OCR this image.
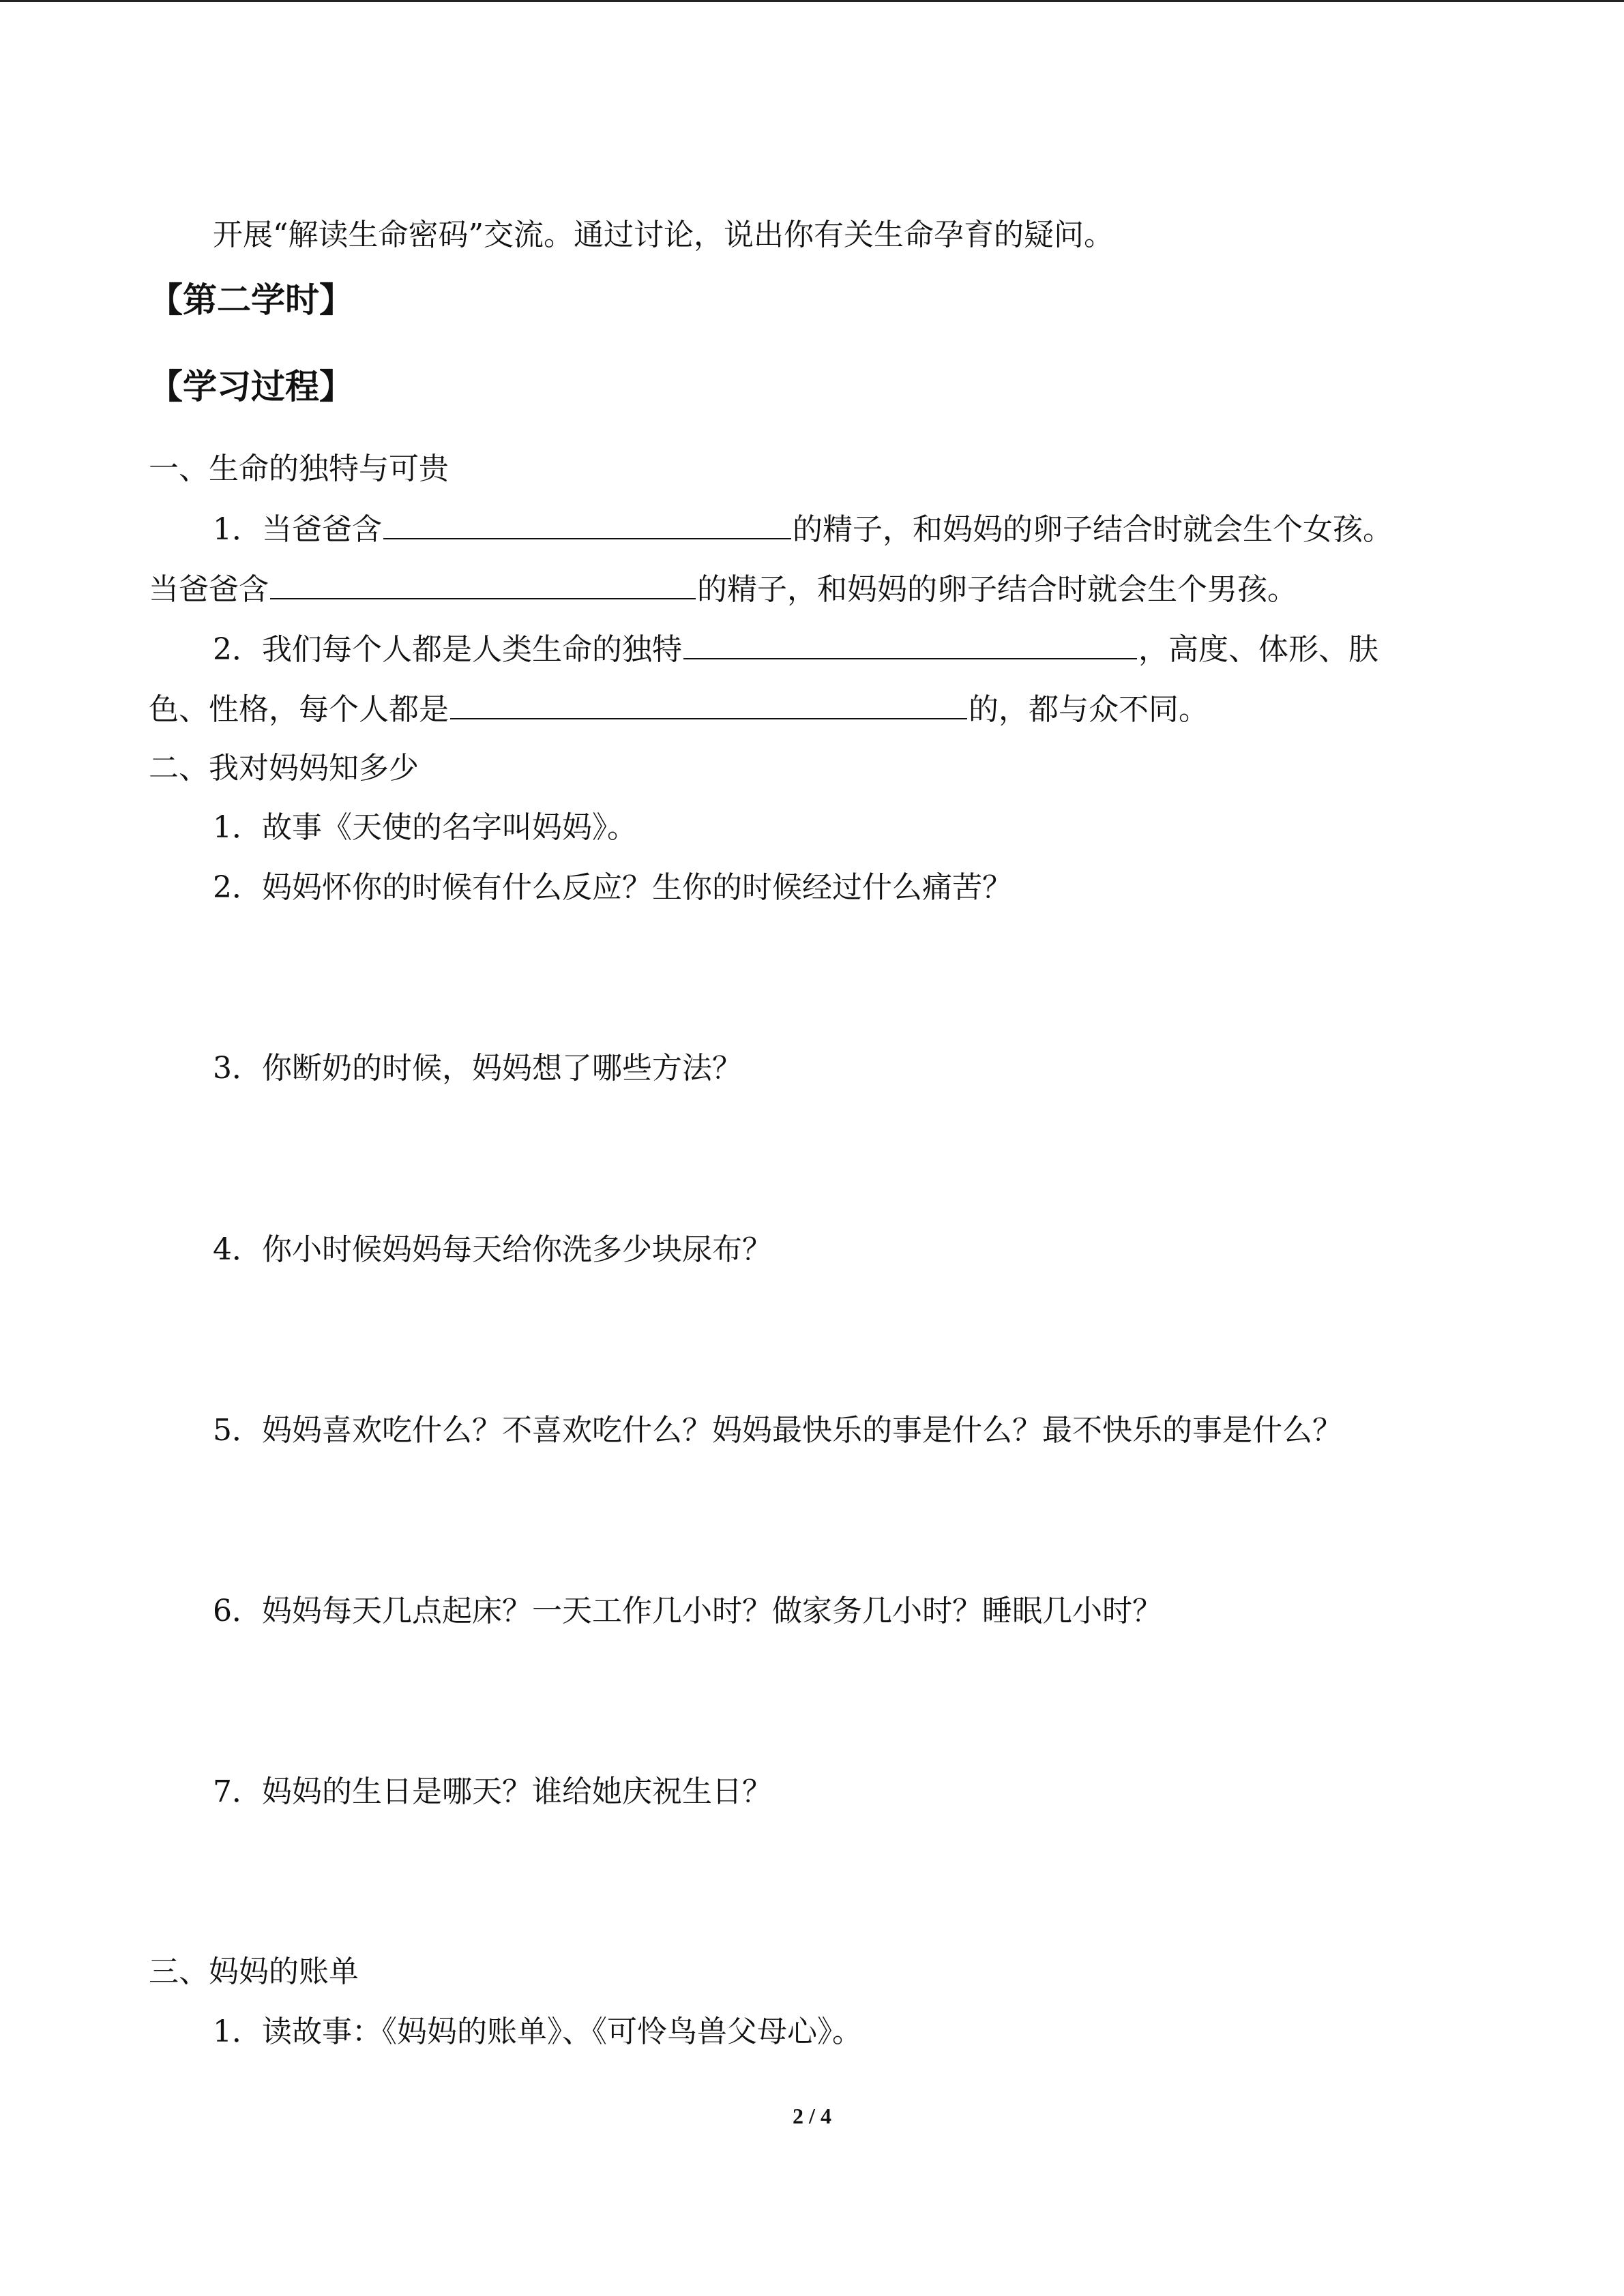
开展“解读生命密码”交流。通过讨论，说出你有关生命孕育的疑问。
【第二学时】
【学习过程】
一、生命的独特与可贵
1．当爸爸含	的精子，和妈妈的卵子结合时就会生个女孩。
当爸爸含	的精子，和妈妈的卵子结合时就会生个男孩。
2．我们每个人都是人类生命的独特	，高度、体形、肤
色、性格，每个人都是	的，都与众不同。
二、我对妈妈知多少
1．故事《天使的名字叫妈妈》。
2．妈妈怀你的时候有什么反应？生你的时候经过什么痛苦？
3．你断奶的时候，妈妈想了哪些方法？
4．你小时候妈妈每天给你洗多少块尿布？
5．妈妈喜欢吃什么？不喜欢吃什么？妈妈最快乐的事是什么？最不快乐的事是什么？
6．妈妈每天几点起床？一天工作几小时？做家务几小时？睡眠几小时？
7．妈妈的生日是哪天？谁给她庆祝生日？
三、妈妈的账单
1．读故事：《妈妈的账单》、《可怜鸟兽父母心》。
2 / 4
